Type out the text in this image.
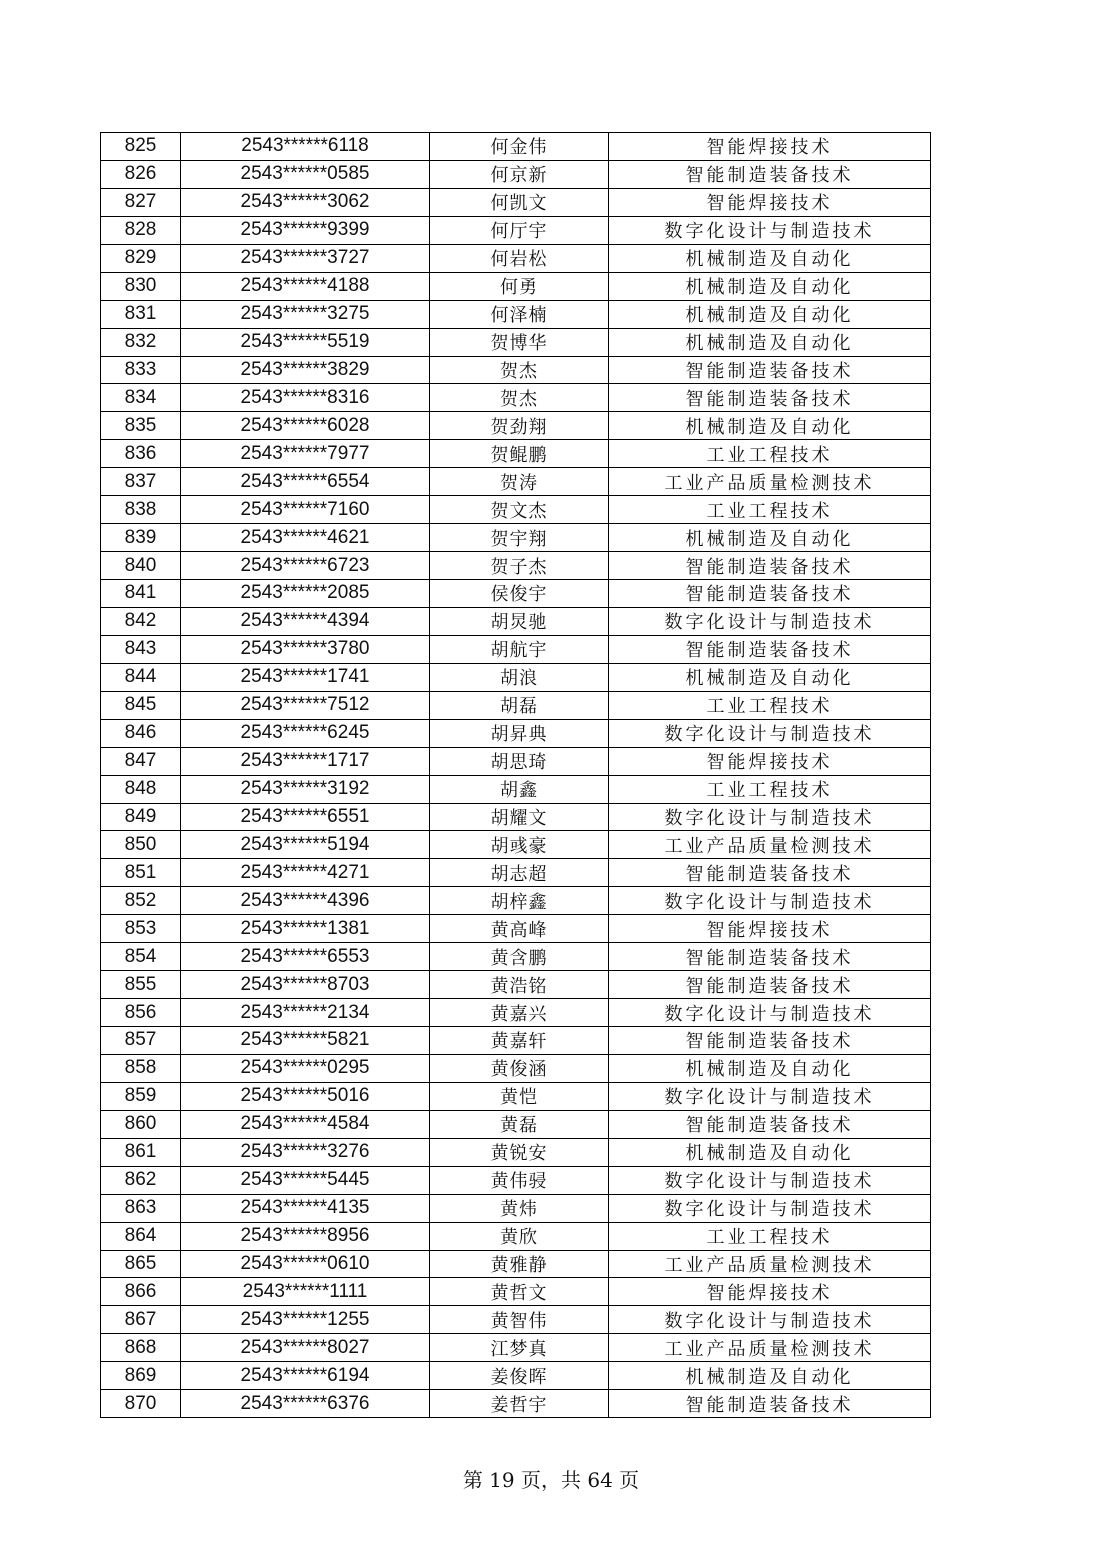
825	2543******6118	何金伟	智能焊接技术
826	2543******0585	何京新	智能制造装备技术
827	2543******3062	何凯文	智能焊接技术
828	2543******9399	何厅宇	数字化设计与制造技术
829	2543******3727	何岩松	机械制造及自动化
830	2543******4188	何勇	机械制造及自动化
831	2543******3275	何泽楠	机械制造及自动化
832	2543******5519	贺博华	机械制造及自动化
833	2543******3829	贺杰	智能制造装备技术
834	2543******8316	贺杰	智能制造装备技术
835	2543******6028	贺劲翔	机械制造及自动化
836	2543******7977	贺鲲鹏	工业工程技术
837	2543******6554	贺涛	工业产品质量检测技术
838	2543******7160	贺文杰	工业工程技术
839	2543******4621	贺宇翔	机械制造及自动化
840	2543******6723	贺子杰	智能制造装备技术
841	2543******2085	侯俊宇	智能制造装备技术
842	2543******4394	胡炅驰	数字化设计与制造技术
843	2543******3780	胡航宇	智能制造装备技术
844	2543******1741	胡浪	机械制造及自动化
845	2543******7512	胡磊	工业工程技术
846	2543******6245	胡昇典	数字化设计与制造技术
847	2543******1717	胡思琦	智能焊接技术
848	2543******3192	胡鑫	工业工程技术
849	2543******6551	胡耀文	数字化设计与制造技术
850	2543******5194	胡彧豪	工业产品质量检测技术
851	2543******4271	胡志超	智能制造装备技术
852	2543******4396	胡梓鑫	数字化设计与制造技术
853	2543******1381	黄高峰	智能焊接技术
854	2543******6553	黄含鹏	智能制造装备技术
855	2543******8703	黄浩铭	智能制造装备技术
856	2543******2134	黄嘉兴	数字化设计与制造技术
857	2543******5821	黄嘉轩	智能制造装备技术
858	2543******0295	黄俊涵	机械制造及自动化
859	2543******5016	黄恺	数字化设计与制造技术
860	2543******4584	黄磊	智能制造装备技术
861	2543******3276	黄锐安	机械制造及自动化
862	2543******5445	黄伟骎	数字化设计与制造技术
863	2543******4135	黄炜	数字化设计与制造技术
864	2543******8956	黄欣	工业工程技术
865	2543******0610	黄雅静	工业产品质量检测技术
866	2543******1111	黄哲文	智能焊接技术
867	2543******1255	黄智伟	数字化设计与制造技术
868	2543******8027	江梦真	工业产品质量检测技术
869	2543******6194	姜俊晖	机械制造及自动化
870	2543******6376	姜哲宇	智能制造装备技术
第 19 页，共 64 页
